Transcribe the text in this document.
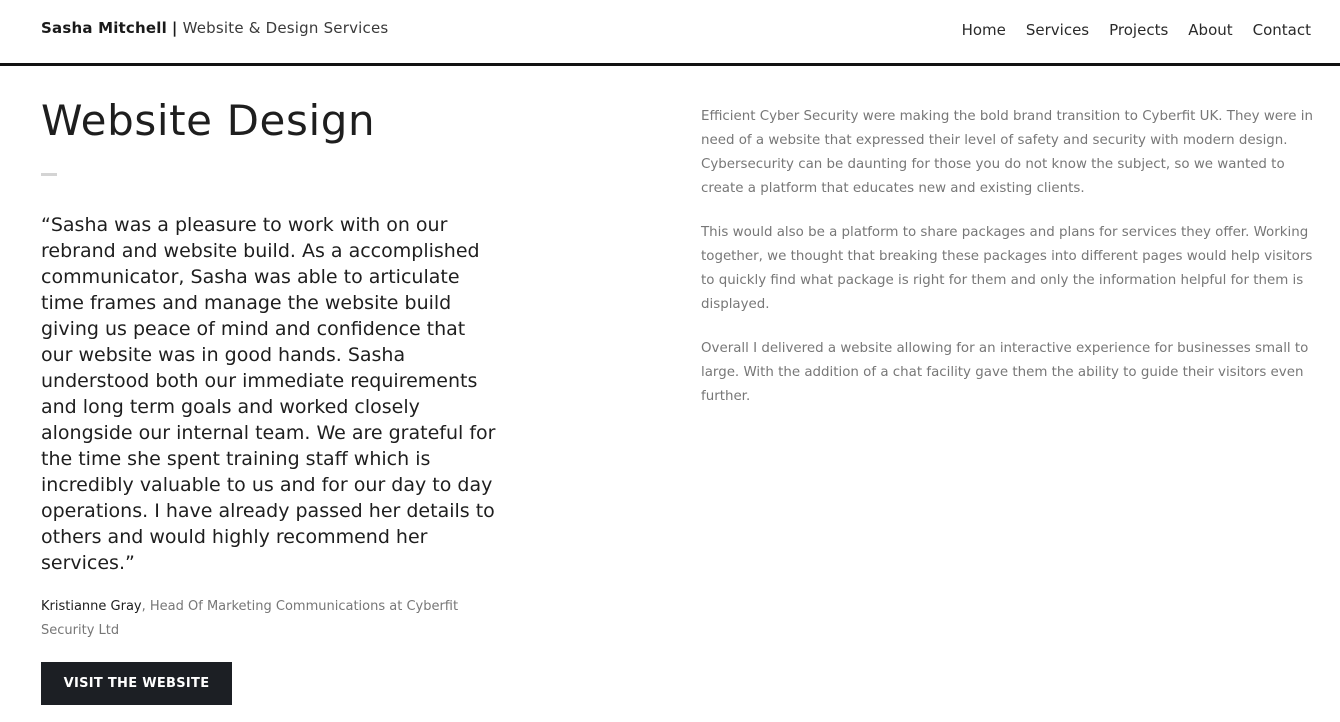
Sasha Mitchell | Website & Design Services	Home Services Projects About Contact
Website Design
“Sasha was a pleasure to work with on our rebrand and website build. As a accomplished communicator, Sasha was able to articulate time frames and manage the website build giving us peace of mind and confidence that our website was in good hands. Sasha understood both our immediate requirements and long term goals and worked closely alongside our internal team. We are grateful for the time she spent training staff which is incredibly valuable to us and for our day to day operations. I have already passed her details to others and would highly recommend her services.”
Kristianne Gray, Head Of Marketing Communications at Cyberfit Security Ltd
VISIT THE WEBSITE

Efficient Cyber Security were making the bold brand transition to Cyberfit UK. They were in need of a website that expressed their level of safety and security with modern design. Cybersecurity can be daunting for those you do not know the subject, so we wanted to create a platform that educates new and existing clients.

This would also be a platform to share packages and plans for services they offer. Working together, we thought that breaking these packages into different pages would help visitors to quickly find what package is right for them and only the information helpful for them is displayed.

Overall I delivered a website allowing for an interactive experience for businesses small to large. With the addition of a chat facility gave them the ability to guide their visitors even further.
